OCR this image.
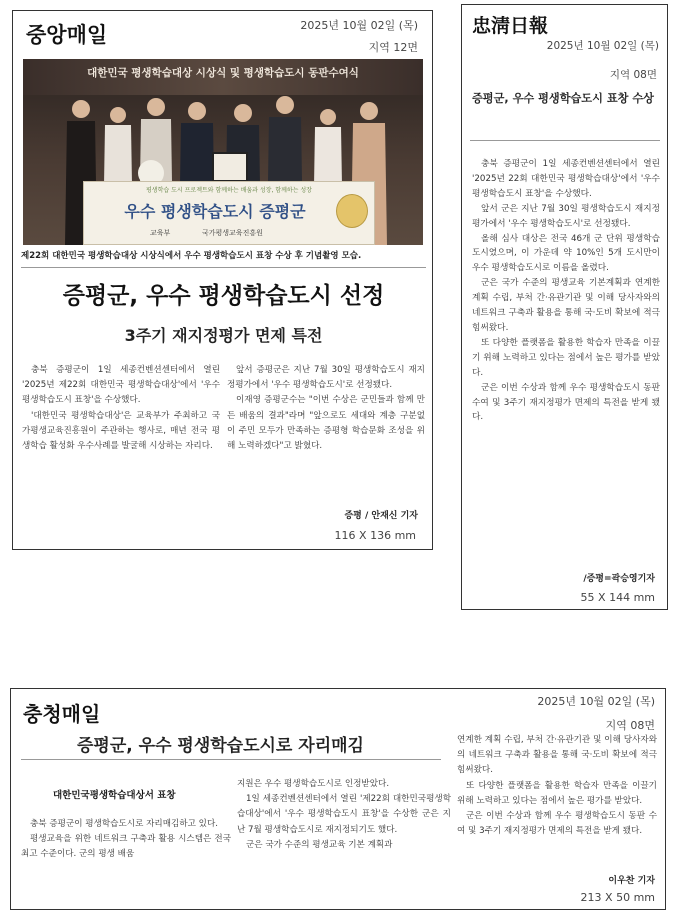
중앙매일	2025년 10월 02일 (목)
지역 12면
대한민국 평생학습대상 시상식 및 평생학습도시 동판수여식
평생학습 도시 프로젝트와 함께하는 배움과 성장, 함께하는 성장
우수 평생학습도시 증평군
교육부	국가평생교육진흥원
제22회 대한민국 평생학습대상 시상식에서 우수 평생학습도시 표창 수상 후 기념촬영 모습.
증평군, 우수 평생학습도시 선정
3주기 재지정평가 면제 특전

충북 증평군이 1일 세종컨벤션센터에서 열린 '2025년 제22회 대한민국 평생학습대상'에서 '우수 평생학습도시 표창'을 수상했다.

'대한민국 평생학습대상'은 교육부가 주최하고 국가평생교육진흥원이 주관하는 행사로, 매년 전국 평생학습 활성화 우수사례를 발굴해 시상하는 자리다.

앞서 증평군은 지난 7월 30일 평생학습도시 재지정평가에서 '우수 평생학습도시'로 선정됐다.

이재영 증평군수는 "이번 수상은 군민들과 함께 만든 배움의 결과"라며 "앞으로도 세대와 계층 구분없이 주민 모두가 만족하는 증평형 학습문화 조성을 위해 노력하겠다"고 밝혔다.

증평 / 안재신 기자
116 X 136 mm
忠淸日報
2025년 10월 02일 (목)
지역 08면
증평군, 우수 평생학습도시 표창 수상

충북 증평군이 1일 세종컨벤션센터에서 열린 '2025년 22회 대한민국 평생학습대상'에서 '우수 평생학습도시 표창'을 수상했다.

앞서 군은 지난 7월 30일 평생학습도시 재지정평가에서 '우수 평생학습도시'로 선정됐다.

올해 심사 대상은 전국 46개 군 단위 평생학습도시였으며, 이 가운데 약 10%인 5개 도시만이 우수 평생학습도시로 이름을 올렸다.

군은 국가 수준의 평생교육 기본계획과 연계한 계획 수립, 부처 간·유관기관 및 이해 당사자와의 네트워크 구축과 활용을 통해 국·도비 확보에 적극 힘써왔다.

또 다양한 플랫폼을 활용한 학습자 만족을 이끌기 위해 노력하고 있다는 점에서 높은 평가를 받았다.

군은 이번 수상과 함께 우수 평생학습도시 동판 수여 및 3주기 재지정평가 면제의 특전을 받게 됐다.

/증평=곽승영기자
55 X 144 mm
충청매일
2025년 10월 02일 (목)
지역 08면
증평군, 우수 평생학습도시로 자리매김
대한민국평생학습대상서 표창

충북 증평군이 평생학습도시로 자리매김하고 있다.

평생교육을 위한 네트워크 구축과 활용 시스템은 전국 최고 수준이다. 군의 평생 배움

지원은 우수 평생학습도시로 인정받았다.

1일 세종컨벤션센터에서 열린 '제22회 대한민국평생학습대상'에서 '우수 평생학습도시 표창'을 수상한 군은 지난 7월 평생학습도시로 재지정되기도 했다.

군은 국가 수준의 평생교육 기본 계획과

연계한 계획 수립, 부처 간·유관기관 및 이해 당사자와의 네트워크 구축과 활용을 통해 국·도비 확보에 적극 힘써왔다.

또 다양한 플랫폼을 활용한 학습자 만족을 이끌기 위해 노력하고 있다는 점에서 높은 평가를 받았다.

군은 이번 수상과 함께 우수 평생학습도시 동판 수여 및 3주기 재지정평가 면제의 특전을 받게 됐다.

이우찬 기자
213 X 50 mm
